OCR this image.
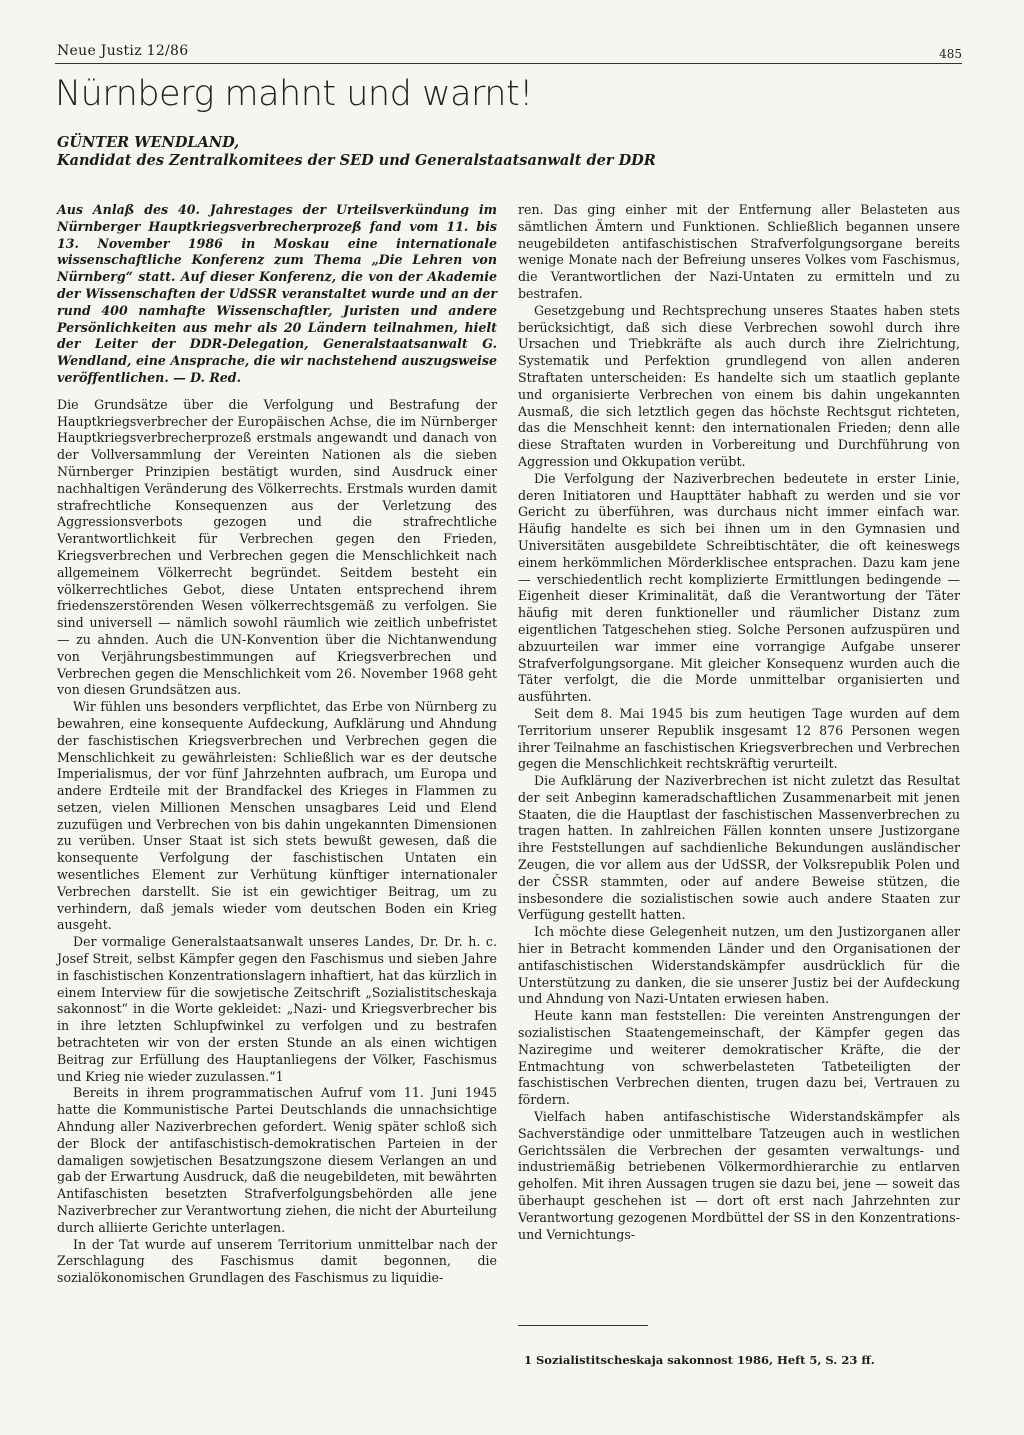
Neue Justiz 12/86	485
Nürnberg mahnt und warnt!
GÜNTER WENDLAND,
Kandidat des Zentralkomitees der SED und Generalstaatsanwalt der DDR

Aus Anlaß des 40. Jahrestages der Urteilsverkündung im Nürnberger Hauptkriegsverbrecherprozeß fand vom 11. bis 13. November 1986 in Moskau eine internationale wissenschaftliche Konferenz zum Thema „Die Lehren von Nürnberg“ statt. Auf dieser Konferenz, die von der Akademie der Wissenschaften der UdSSR veranstaltet wurde und an der rund 400 namhafte Wissenschaftler, Juristen und andere Persönlichkeiten aus mehr als 20 Ländern teilnahmen, hielt der Leiter der DDR-Delegation, Generalstaatsanwalt G. Wendland, eine Ansprache, die wir nachstehend auszugsweise veröffentlichen. — D. Red.

Die Grundsätze über die Verfolgung und Bestrafung der Hauptkriegsverbrecher der Europäischen Achse, die im Nürnberger Hauptkriegsverbrecherprozeß erstmals angewandt und danach von der Vollversammlung der Vereinten Nationen als die sieben Nürnberger Prinzipien bestätigt wurden, sind Ausdruck einer nachhaltigen Veränderung des Völkerrechts. Erstmals wurden damit strafrechtliche Konsequenzen aus der Verletzung des Aggressionsverbots gezogen und die strafrechtliche Verantwortlichkeit für Verbrechen gegen den Frieden, Kriegsverbrechen und Verbrechen gegen die Menschlichkeit nach allgemeinem Völkerrecht begründet. Seitdem besteht ein völkerrechtliches Gebot, diese Untaten entsprechend ihrem friedenszerstörenden Wesen völkerrechtsgemäß zu verfolgen. Sie sind universell — nämlich sowohl räumlich wie zeitlich unbefristet — zu ahnden. Auch die UN-Konvention über die Nichtanwendung von Verjährungsbestimmungen auf Kriegsverbrechen und Verbrechen gegen die Menschlichkeit vom 26. November 1968 geht von diesen Grundsätzen aus.

Wir fühlen uns besonders verpflichtet, das Erbe von Nürnberg zu bewahren, eine konsequente Aufdeckung, Aufklärung und Ahndung der faschistischen Kriegsverbrechen und Verbrechen gegen die Menschlichkeit zu gewährleisten: Schließlich war es der deutsche Imperialismus, der vor fünf Jahrzehnten aufbrach, um Europa und andere Erdteile mit der Brandfackel des Krieges in Flammen zu setzen, vielen Millionen Menschen unsagbares Leid und Elend zuzufügen und Verbrechen von bis dahin ungekannten Dimensionen zu verüben. Unser Staat ist sich stets bewußt gewesen, daß die konsequente Verfolgung der faschistischen Untaten ein wesentliches Element zur Verhütung künftiger internationaler Verbrechen darstellt. Sie ist ein gewichtiger Beitrag, um zu verhindern, daß jemals wieder vom deutschen Boden ein Krieg ausgeht.

Der vormalige Generalstaatsanwalt unseres Landes, Dr. Dr. h. c. Josef Streit, selbst Kämpfer gegen den Faschismus und sieben Jahre in faschistischen Konzentrationslagern inhaftiert, hat das kürzlich in einem Interview für die sowjetische Zeitschrift „Sozialistitscheskaja sakonnost“ in die Worte gekleidet: „Nazi- und Kriegsverbrecher bis in ihre letzten Schlupfwinkel zu verfolgen und zu bestrafen betrachteten wir von der ersten Stunde an als einen wichtigen Beitrag zur Erfüllung des Hauptanliegens der Völker, Faschismus und Krieg nie wieder zuzulassen.“1

Bereits in ihrem programmatischen Aufruf vom 11. Juni 1945 hatte die Kommunistische Partei Deutschlands die unnachsichtige Ahndung aller Naziverbrechen gefordert. Wenig später schloß sich der Block der antifaschistisch-demokratischen Parteien in der damaligen sowjetischen Besatzungszone diesem Verlangen an und gab der Erwartung Ausdruck, daß die neugebildeten, mit bewährten Antifaschisten besetzten Strafverfolgungsbehörden alle jene Naziverbrecher zur Verantwortung ziehen, die nicht der Aburteilung durch alliierte Gerichte unterlagen.

In der Tat wurde auf unserem Territorium unmittelbar nach der Zerschlagung des Faschismus damit begonnen, die sozialökonomischen Grundlagen des Faschismus zu liquidie-

ren. Das ging einher mit der Entfernung aller Belasteten aus sämtlichen Ämtern und Funktionen. Schließlich begannen unsere neugebildeten antifaschistischen Strafverfolgungsorgane bereits wenige Monate nach der Befreiung unseres Volkes vom Faschismus, die Verantwortlichen der Nazi-Untaten zu ermitteln und zu bestrafen.

Gesetzgebung und Rechtsprechung unseres Staates haben stets berücksichtigt, daß sich diese Verbrechen sowohl durch ihre Ursachen und Triebkräfte als auch durch ihre Zielrichtung, Systematik und Perfektion grundlegend von allen anderen Straftaten unterscheiden: Es handelte sich um staatlich geplante und organisierte Verbrechen von einem bis dahin ungekannten Ausmaß, die sich letztlich gegen das höchste Rechtsgut richteten, das die Menschheit kennt: den internationalen Frieden; denn alle diese Straftaten wurden in Vorbereitung und Durchführung von Aggression und Okkupation verübt.

Die Verfolgung der Naziverbrechen bedeutete in erster Linie, deren Initiatoren und Haupttäter habhaft zu werden und sie vor Gericht zu überführen, was durchaus nicht immer einfach war. Häufig handelte es sich bei ihnen um in den Gymnasien und Universitäten ausgebildete Schreibtischtäter, die oft keineswegs einem herkömmlichen Mörderklischee entsprachen. Dazu kam jene — verschiedentlich recht komplizierte Ermittlungen bedingende — Eigenheit dieser Kriminalität, daß die Verantwortung der Täter häufig mit deren funktioneller und räumlicher Distanz zum eigentlichen Tatgeschehen stieg. Solche Personen aufzuspüren und abzuurteilen war immer eine vorrangige Aufgabe unserer Strafverfolgungsorgane. Mit gleicher Konsequenz wurden auch die Täter verfolgt, die die Morde unmittelbar organisierten und ausführten.

Seit dem 8. Mai 1945 bis zum heutigen Tage wurden auf dem Territorium unserer Republik insgesamt 12 876 Personen wegen ihrer Teilnahme an faschistischen Kriegsverbrechen und Verbrechen gegen die Menschlichkeit rechtskräftig verurteilt.

Die Aufklärung der Naziverbrechen ist nicht zuletzt das Resultat der seit Anbeginn kameradschaftlichen Zusammenarbeit mit jenen Staaten, die die Hauptlast der faschistischen Massenverbrechen zu tragen hatten. In zahlreichen Fällen konnten unsere Justizorgane ihre Feststellungen auf sachdienliche Bekundungen ausländischer Zeugen, die vor allem aus der UdSSR, der Volksrepublik Polen und der ČSSR stammten, oder auf andere Beweise stützen, die insbesondere die sozialistischen sowie auch andere Staaten zur Verfügung gestellt hatten.

Ich möchte diese Gelegenheit nutzen, um den Justizorganen aller hier in Betracht kommenden Länder und den Organisationen der antifaschistischen Widerstandskämpfer ausdrücklich für die Unterstützung zu danken, die sie unserer Justiz bei der Aufdeckung und Ahndung von Nazi-Untaten erwiesen haben.

Heute kann man feststellen: Die vereinten Anstrengungen der sozialistischen Staatengemeinschaft, der Kämpfer gegen das Naziregime und weiterer demokratischer Kräfte, die der Entmachtung von schwerbelasteten Tatbeteiligten der faschistischen Verbrechen dienten, trugen dazu bei, Vertrauen zu fördern.

Vielfach haben antifaschistische Widerstandskämpfer als Sachverständige oder unmittelbare Tatzeugen auch in westlichen Gerichtssälen die Verbrechen der gesamten verwaltungs- und industriemäßig betriebenen Völkermordhierarchie zu entlarven geholfen. Mit ihren Aussagen trugen sie dazu bei, jene — soweit das überhaupt geschehen ist — dort oft erst nach Jahrzehnten zur Verantwortung gezogenen Mordbüttel der SS in den Konzentrations- und Vernichtungs-

1 Sozialistitscheskaja sakonnost 1986, Heft 5, S. 23 ff.
